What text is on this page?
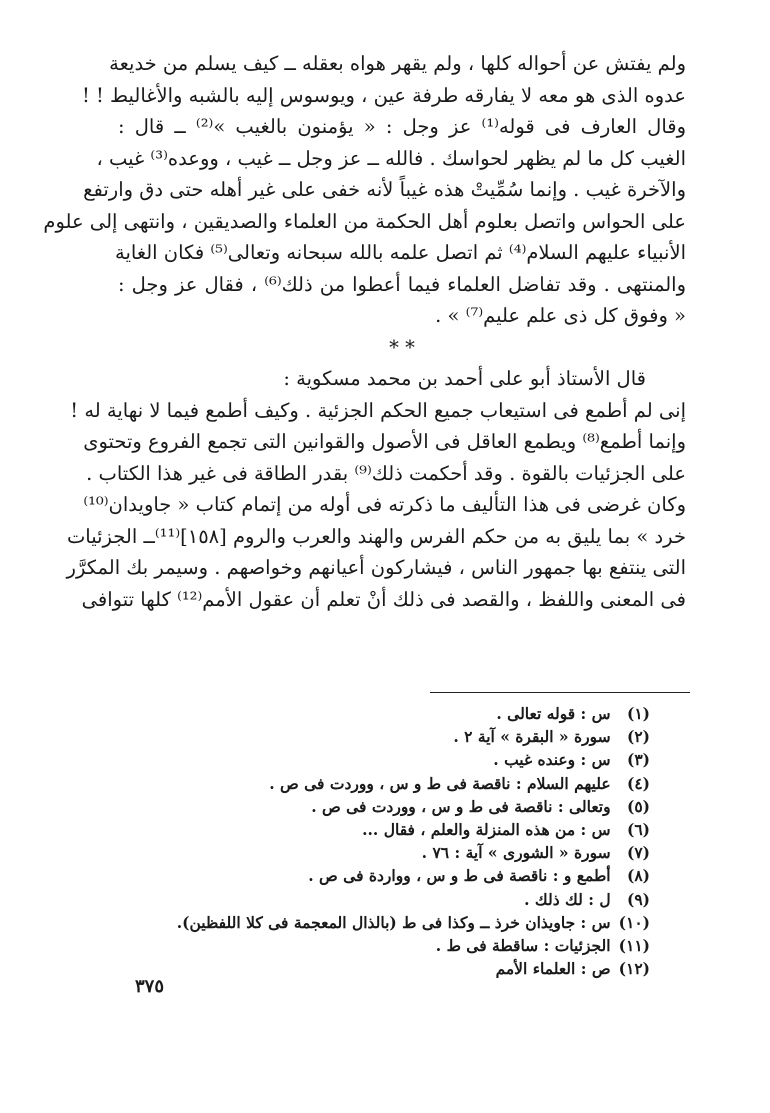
ولم يفتش عن أحواله كلها ، ولم يقهر هواه بعقله ــ كيف يسلم من خديعة
عدوه الذى هو معه لا يفارقه طرفة عين ، ويوسوس إليه بالشبه والأغاليط ! !
وقال العارف فى قوله⁽¹⁾ عز وجل : « يؤمنون بالغيب »⁽²⁾ ــ قال :
الغيب كل ما لم يظهر لحواسك . فالله ــ عز وجل ــ غيب ، ووعده⁽³⁾ غيب ،
والآخرة غيب . وإنما سُمِّيتْ هذه غيباً لأنه خفى على غير أهله حتى دق وارتفع
على الحواس واتصل بعلوم أهل الحكمة من العلماء والصديقين ، وانتهى إلى علوم
الأنبياء عليهم السلام⁽⁴⁾ ثم اتصل علمه بالله سبحانه وتعالى⁽⁵⁾ فكان الغاية
والمنتهى . وقد تفاضل العلماء فيما أعطوا من ذلك⁽⁶⁾ ، فقال عز وجل :
« وفوق كل ذى علم عليم⁽⁷⁾ » .
* *
قال الأستاذ أبو على أحمد بن محمد مسكوية :
إنى لم أطمع فى استيعاب جميع الحكم الجزئية . وكيف أطمع فيما لا نهاية له !
وإنما أطمع⁽⁸⁾ ويطمع العاقل فى الأصول والقوانين التى تجمع الفروع وتحتوى
على الجزئيات بالقوة . وقد أحكمت ذلك⁽⁹⁾ بقدر الطاقة فى غير هذا الكتاب .
وكان غرضى فى هذا التأليف ما ذكرته فى أوله من إتمام كتاب « جاويدان⁽¹⁰⁾
خرد » بما يليق به من حكم الفرس والهند والعرب والروم [١٥٨]⁽¹¹⁾ــ الجزئيات
التى ينتفع بها جمهور الناس ، فيشاركون أعيانهم وخواصهم . وسيمر بك المكرَّر
فى المعنى واللفظ ، والقصد فى ذلك أنْ تعلم أن عقول الأمم⁽¹²⁾ كلها تتوافى
(١) س : قوله تعالى .
(٢) سورة « البقرة » آية ٢ .
(٣) س : وعنده غيب .
(٤) عليهم السلام : ناقصة فى ط و س ، ووردت فى ص .
(٥) وتعالى : ناقصة فى ط و س ، ووردت فى ص .
(٦) س : من هذه المنزلة والعلم ، فقال ...
(٧) سورة « الشورى » آية : ٧٦ .
(٨) أطمع و : ناقصة فى ط و س ، وواردة فى ص .
(٩) ل : لك ذلك .
(١٠) س : جاويذان خرذ ــ وكذا فى ط (بالذال المعجمة فى كلا اللفظين).
(١١) الجزئيات : ساقطة فى ط .
(١٢) ص : العلماء الأمم
٣٧٥
